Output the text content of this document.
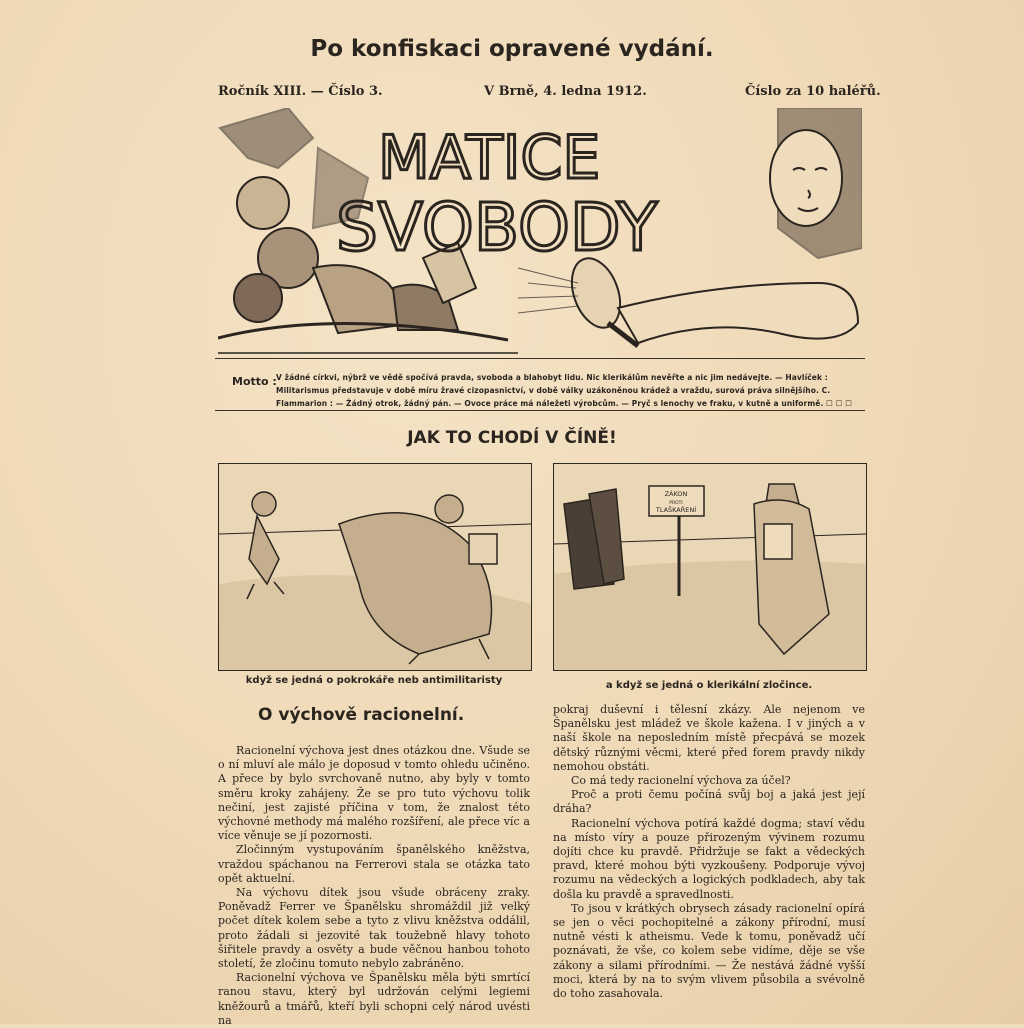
Po konfiskaci opravené vydání.
Ročník XIII. — Číslo 3.	V Brně, 4. ledna 1912.	Číslo za 10 haléřů.
MATICE
SVOBODY
Motto : V žádné církvi, nýbrž ve vědě spočívá pravda, svoboda a blahobyt lidu. Nic klerikálům nevěřte a nic jim nedávejte. — Havlíček : Militarismus představuje v době míru žravé cizopasnictví, v době války uzákoněnou krádež a vraždu, surová práva silnějšího. C. Flammarion : — Žádný otrok, žádný pán. — Ovoce práce má náležeti výrobcům. — Pryč s lenochy ve fraku, v kutně a uniformě. ☐ ☐ ☐
JAK TO CHODÍ V ČÍNĚ!
když se jedná o pokrokáře neb antimilitaristy
ZÁKON
PROTI
TLAŠKAŘENÍ
a když se jedná o klerikální zločince.
O výchově racionelní.

Racionelní výchova jest dnes otázkou dne. Všude se o ní mluví ale málo je doposud v tomto ohledu učiněno. A přece by bylo svrchovaně nutno, aby byly v tomto směru kroky zahájeny. Že se pro tuto výchovu tolik nečiní, jest zajisté příčina v tom, že znalost této výchovné methody má malého rozšíření, ale přece víc a více věnuje se jí pozornosti.

Zločinným vystupováním španělského kněžstva, vraždou spáchanou na Ferrerovi stala se otázka tato opět aktuelní.

Na výchovu dítek jsou všude obráceny zraky. Poněvadž Ferrer ve Španělsku shromáždil již velký počet dítek kolem sebe a tyto z vlivu kněžstva oddálil, proto žádali si jezovité tak toužebně hlavy tohoto šiřitele pravdy a osvěty a bude věčnou hanbou tohoto století, že zločinu tomuto nebylo zabráněno.

Racionelní výchova ve Španělsku měla býti smrtící ranou stavu, který byl udržován celými legiemi kněžourů a tmářů, kteří byli schopni celý národ uvésti na

pokraj duševní i tělesní zkázy. Ale nejenom ve Španělsku jest mládež ve škole kažena. I v jiných a v naší škole na neposledním místě přecpává se mozek dětský různými věcmi, které před forem pravdy nikdy nemohou obstáti.

Co má tedy racionelní výchova za účel?

Proč a proti čemu počíná svůj boj a jaká jest její dráha?

Racionelní výchova potírá každé dogma; staví vědu na místo víry a pouze přirozeným vývinem rozumu dojíti chce ku pravdě. Přidržuje se fakt a vědeckých pravd, které mohou býti vyzkoušeny. Podporuje vývoj rozumu na vědeckých a logických podkladech, aby tak došla ku pravdě a spravedlnosti.

To jsou v krátkých obrysech zásady racionelní opírá se jen o věci pochopitelné a zákony přírodní, musí nutně vésti k atheismu. Vede k tomu, poněvadž učí poznávati, že vše, co kolem sebe vidíme, děje se vše zákony a silami přírodními. — Že nestává žádné vyšší moci, která by na to svým vlivem působila a svévolně do toho zasahovala.
